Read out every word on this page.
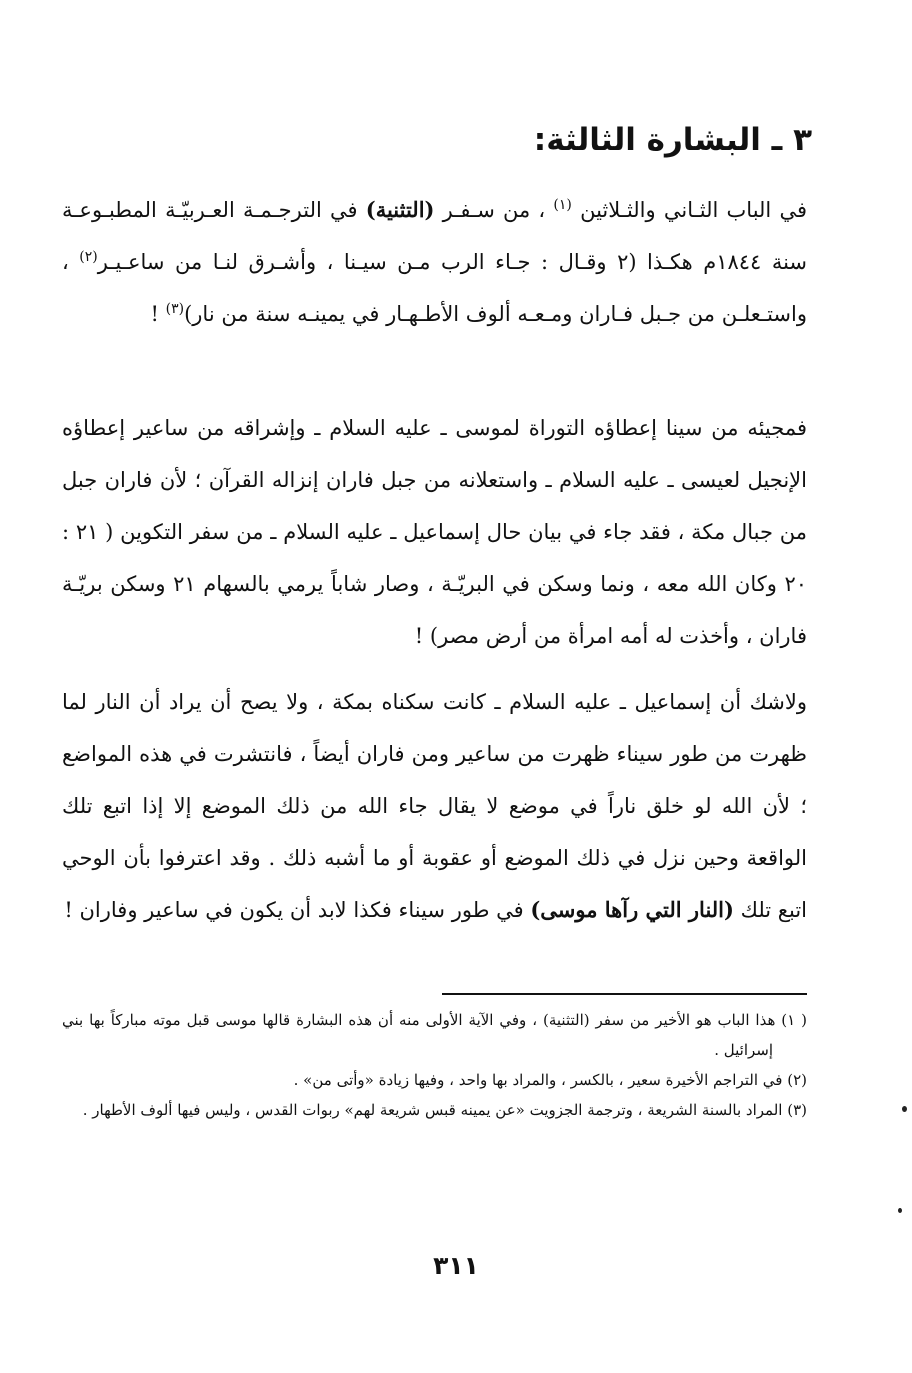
٣ ـ البشارة الثالثة:

في الباب الثـاني والثـلاثين $^{(١)}$ ، من سـفـر (التثنية) في الترجـمـة العـربيّـة المطبـوعـة سنة ١٨٤٤م هكـذا (٢ وقـال : جـاء الرب مـن سيـنا ، وأشـرق لنـا من ساعـيـر$^{(٢)}$ ، واستـعلـن من جـبل فـاران ومـعـه ألوف الأطـهـار في يمينـه سنة من نار)$^{(٣)}$ !

فمجيئه من سينا إعطاؤه التوراة لموسى ـ عليه السلام ـ وإشراقه من ساعير إعطاؤه الإنجيل لعيسى ـ عليه السلام ـ واستعلانه من جبل فاران إنزاله القرآن ؛ لأن فاران جبل من جبال مكة ، فقد جاء في بيان حال إسماعيل ـ عليه السلام ـ من سفر التكوين ( ٢١ : ٢٠ وكان الله معه ، ونما وسكن في البريّـة ، وصار شاباً يرمي بالسهام ٢١ وسكن بريّـة فاران ، وأخذت له أمه امرأة من أرض مصر) !

ولاشك أن إسماعيل ـ عليه السلام ـ كانت سكناه بمكة ، ولا يصح أن يراد أن النار لما ظهرت من طور سيناء ظهرت من ساعير ومن فاران أيضاً ، فانتشرت في هذه المواضع ؛ لأن الله لو خلق ناراً في موضع لا يقال جاء الله من ذلك الموضع إلا إذا اتبع تلك الواقعة وحين نزل في ذلك الموضع أو عقوبة أو ما أشبه ذلك . وقد اعترفوا بأن الوحي اتبع تلك (النار التي رآها موسى) في طور سيناء فكذا لابد أن يكون في ساعير وفاران !

( ١) هذا الباب هو الأخير من سفر (التثنية) ، وفي الآية الأولى منه أن هذه البشارة قالها موسى قبل موته مباركاً بها بني إسرائيل .
(٢) في التراجم الأخيرة سعير ، بالكسر ، والمراد بها واحد ، وفيها زيادة «وأتى من» .
(٣) المراد بالسنة الشريعة ، وترجمة الجزويت «عن يمينه قبس شريعة لهم» ربوات القدس ، وليس فيها ألوف الأطهار .
٣١١
